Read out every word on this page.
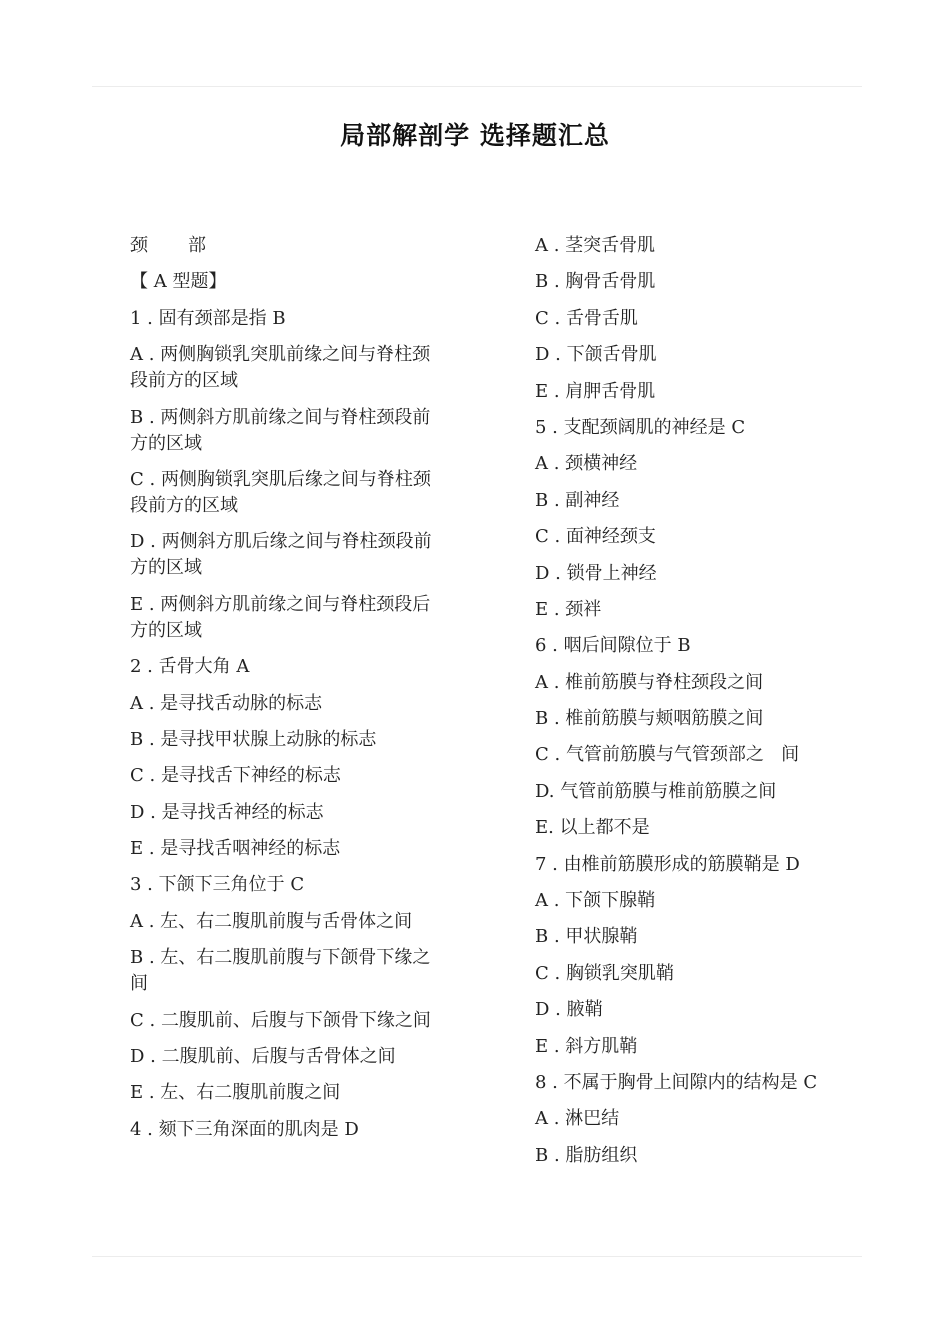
局部解剖学 选择题汇总
颈 部
【 A 型题】
1 . 固有颈部是指 B
A . 两侧胸锁乳突肌前缘之间与脊柱颈段前方的区域
B . 两侧斜方肌前缘之间与脊柱颈段前方的区域
C . 两侧胸锁乳突肌后缘之间与脊柱颈段前方的区域
D . 两侧斜方肌后缘之间与脊柱颈段前方的区域
E . 两侧斜方肌前缘之间与脊柱颈段后方的区域
2 . 舌骨大角 A
A . 是寻找舌动脉的标志
B . 是寻找甲状腺上动脉的标志
C . 是寻找舌下神经的标志
D . 是寻找舌神经的标志
E . 是寻找舌咽神经的标志
3 . 下颌下三角位于 C
A . 左、右二腹肌前腹与舌骨体之间
B . 左、右二腹肌前腹与下颌骨下缘之间
C . 二腹肌前、后腹与下颌骨下缘之间
D . 二腹肌前、后腹与舌骨体之间
E . 左、右二腹肌前腹之间
4 . 颏下三角深面的肌肉是 D
A . 茎突舌骨肌
B . 胸骨舌骨肌
C . 舌骨舌肌
D . 下颌舌骨肌
E . 肩胛舌骨肌
5 . 支配颈阔肌的神经是 C
A . 颈横神经
B . 副神经
C . 面神经颈支
D . 锁骨上神经
E . 颈袢
6 . 咽后间隙位于 B
A . 椎前筋膜与脊柱颈段之间
B . 椎前筋膜与颊咽筋膜之间
C . 气管前筋膜与气管颈部之   间
D. 气管前筋膜与椎前筋膜之间
E. 以上都不是
7 . 由椎前筋膜形成的筋膜鞘是 D
A . 下颌下腺鞘
B . 甲状腺鞘
C . 胸锁乳突肌鞘
D . 腋鞘
E . 斜方肌鞘
8 . 不属于胸骨上间隙内的结构是 C
A . 淋巴结
B . 脂肪组织
